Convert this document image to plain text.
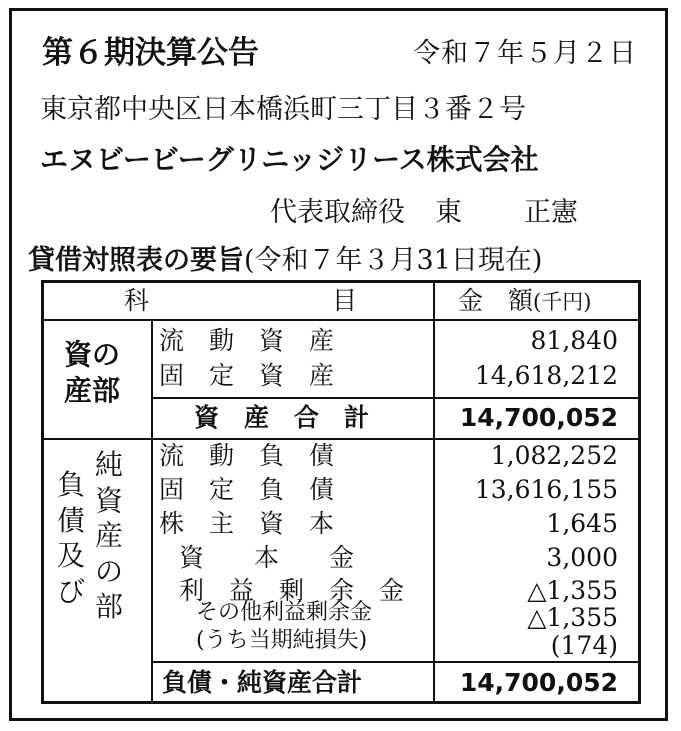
第６期決算公告	令和７年５月２日
東京都中央区日本橋浜町三丁目３番２号
エヌビービーグリニッジリース株式会社
代表取締役 東 正憲
貸借対照表の要旨(令和７年３月31日現在)
科	目	金　額(千円)
資の
産部
流　動　資　産	81,840
固　定　資　産	14,618,212
資　産　合　計	14,700,052
負
債
及
び
純
資
産
の
部
流　動　負　債	1,082,252
固　定　負　債	13,616,155
株　主　資　本	1,645
資　　本　　金	3,000
利　益　剰　余　金	△1,355
その他利益剰余金	△1,355
(うち当期純損失)	(174)
負債・純資産合計	14,700,052
